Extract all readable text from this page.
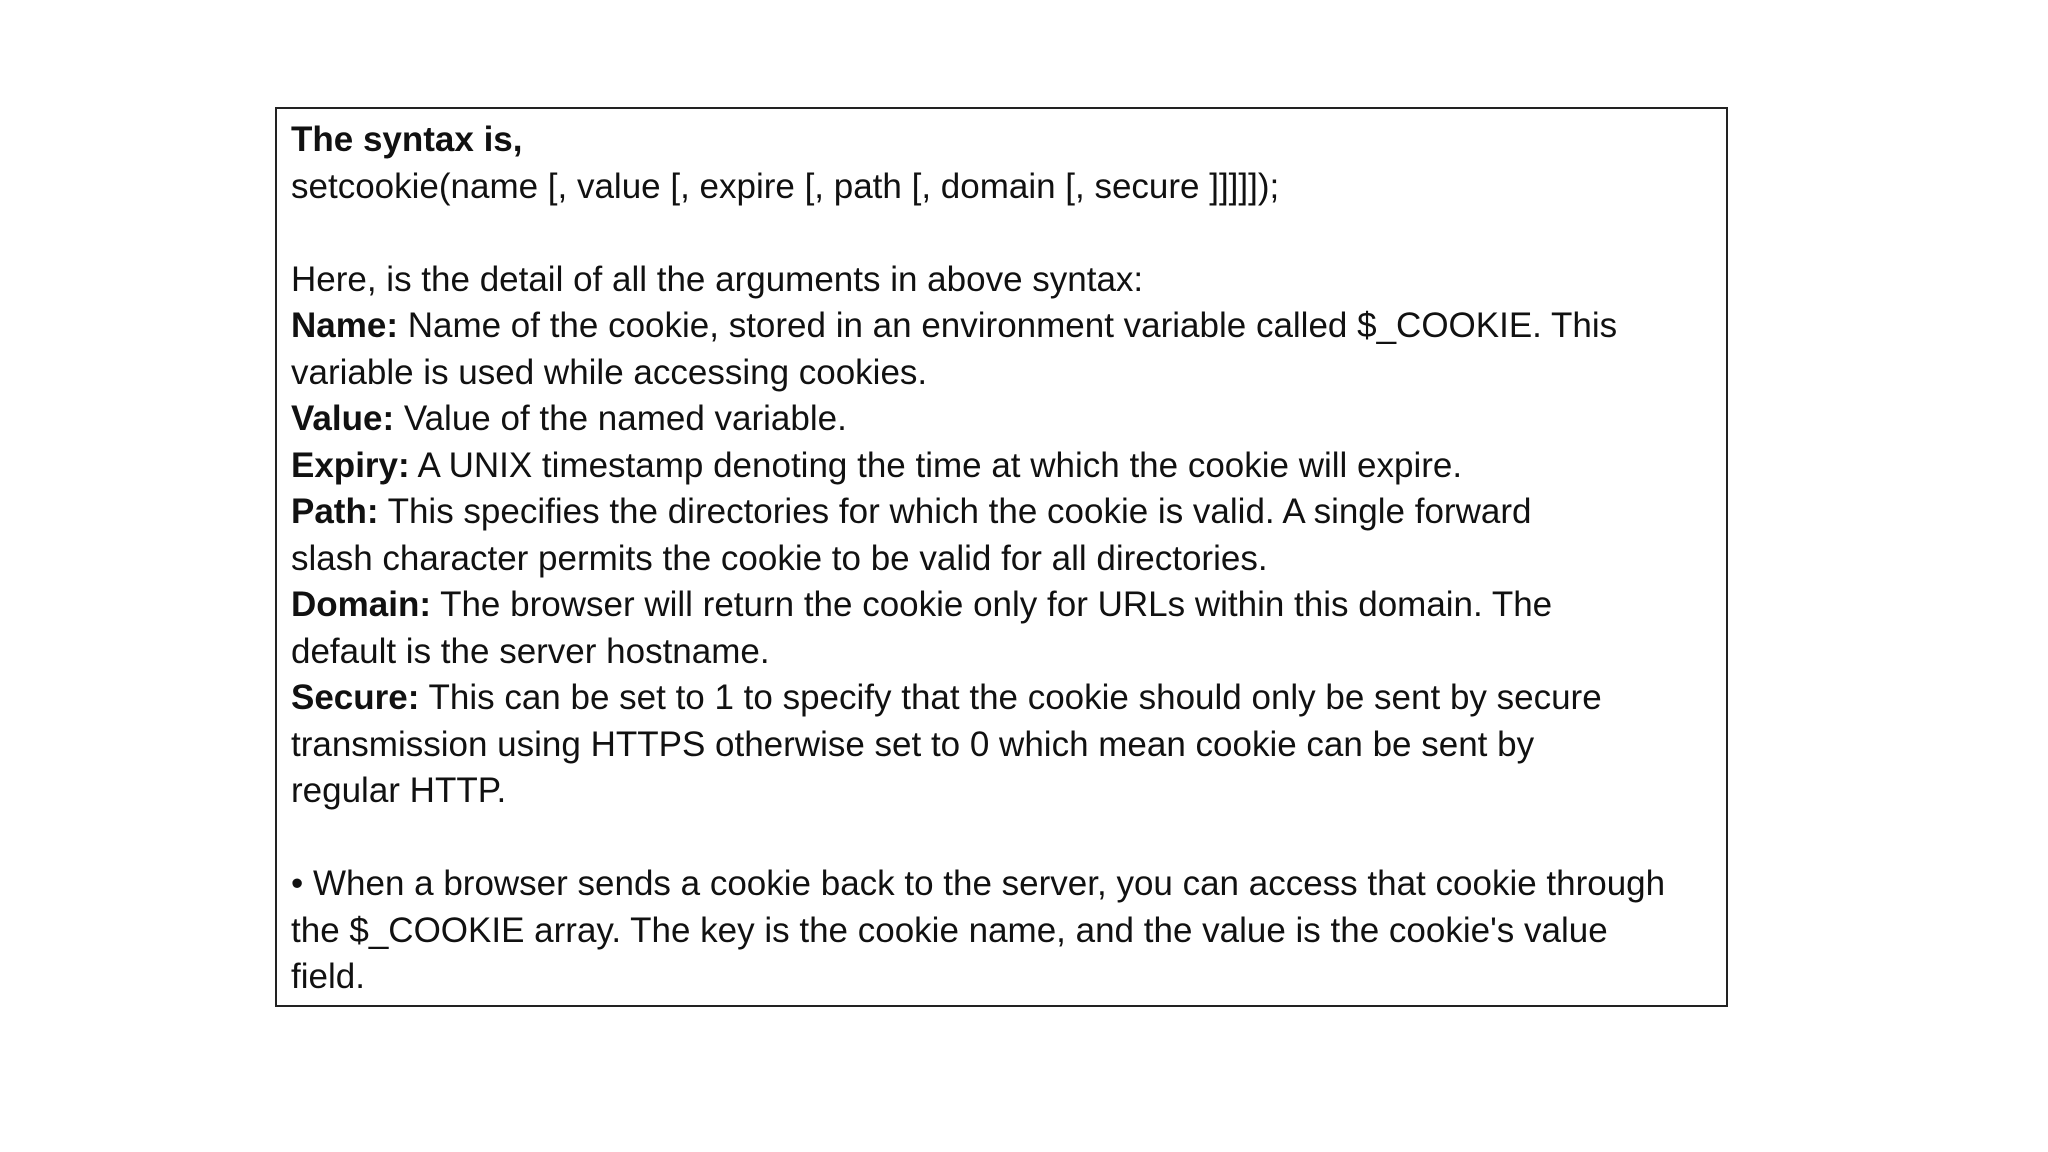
The syntax is,
setcookie(name [, value [, expire [, path [, domain [, secure ]]]]]);
Here, is the detail of all the arguments in above syntax:
Name: Name of the cookie, stored in an environment variable called $_COOKIE. This
variable is used while accessing cookies.
Value: Value of the named variable.
Expiry: A UNIX timestamp denoting the time at which the cookie will expire.
Path: This specifies the directories for which the cookie is valid. A single forward
slash character permits the cookie to be valid for all directories.
Domain: The browser will return the cookie only for URLs within this domain. The
default is the server hostname.
Secure: This can be set to 1 to specify that the cookie should only be sent by secure
transmission using HTTPS otherwise set to 0 which mean cookie can be sent by
regular HTTP.
• When a browser sends a cookie back to the server, you can access that cookie through
the $_COOKIE array. The key is the cookie name, and the value is the cookie's value
field.
